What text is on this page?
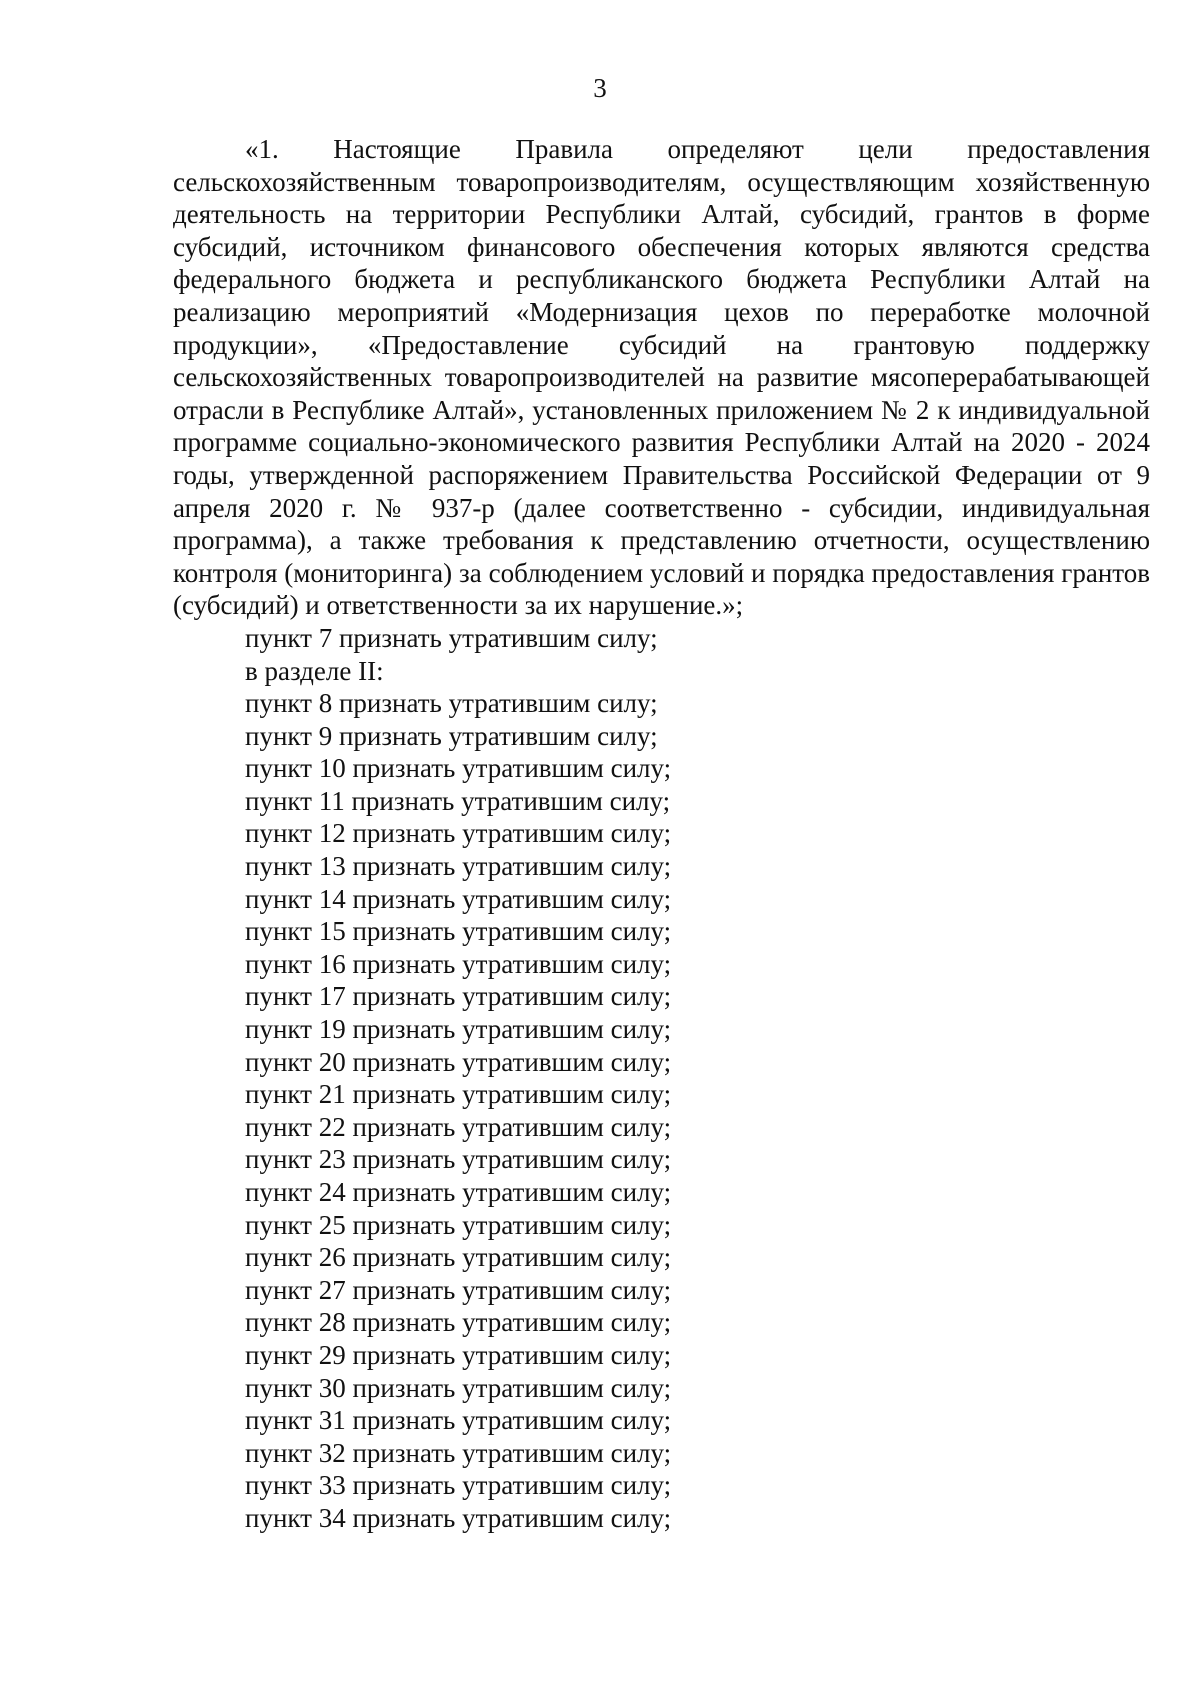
3

«1. Настоящие Правила определяют цели предоставления сельскохозяйственным товаропроизводителям, осуществляющим хозяйственную деятельность на территории Республики Алтай, субсидий, грантов в форме субсидий, источником финансового обеспечения которых являются средства федерального бюджета и республиканского бюджета Республики Алтай на реализацию мероприятий «Модернизация цехов по переработке молочной продукции», «Предоставление субсидий на грантовую поддержку сельскохозяйственных товаропроизводителей на развитие мясоперерабатывающей отрасли в Республике Алтай», установленных приложением № 2 к индивидуальной программе социально-экономического развития Республики Алтай на 2020 - 2024 годы, утвержденной распоряжением Правительства Российской Федерации от 9 апреля 2020 г. № 937-р (далее соответственно - субсидии, индивидуальная программа), а также требования к представлению отчетности, осуществлению контроля (мониторинга) за соблюдением условий и порядка предоставления грантов (субсидий) и ответственности за их нарушение.»;

пункт 7 признать утратившим силу;

в разделе II:

пункт 8 признать утратившим силу;

пункт 9 признать утратившим силу;

пункт 10 признать утратившим силу;

пункт 11 признать утратившим силу;

пункт 12 признать утратившим силу;

пункт 13 признать утратившим силу;

пункт 14 признать утратившим силу;

пункт 15 признать утратившим силу;

пункт 16 признать утратившим силу;

пункт 17 признать утратившим силу;

пункт 19 признать утратившим силу;

пункт 20 признать утратившим силу;

пункт 21 признать утратившим силу;

пункт 22 признать утратившим силу;

пункт 23 признать утратившим силу;

пункт 24 признать утратившим силу;

пункт 25 признать утратившим силу;

пункт 26 признать утратившим силу;

пункт 27 признать утратившим силу;

пункт 28 признать утратившим силу;

пункт 29 признать утратившим силу;

пункт 30 признать утратившим силу;

пункт 31 признать утратившим силу;

пункт 32 признать утратившим силу;

пункт 33 признать утратившим силу;

пункт 34 признать утратившим силу;
